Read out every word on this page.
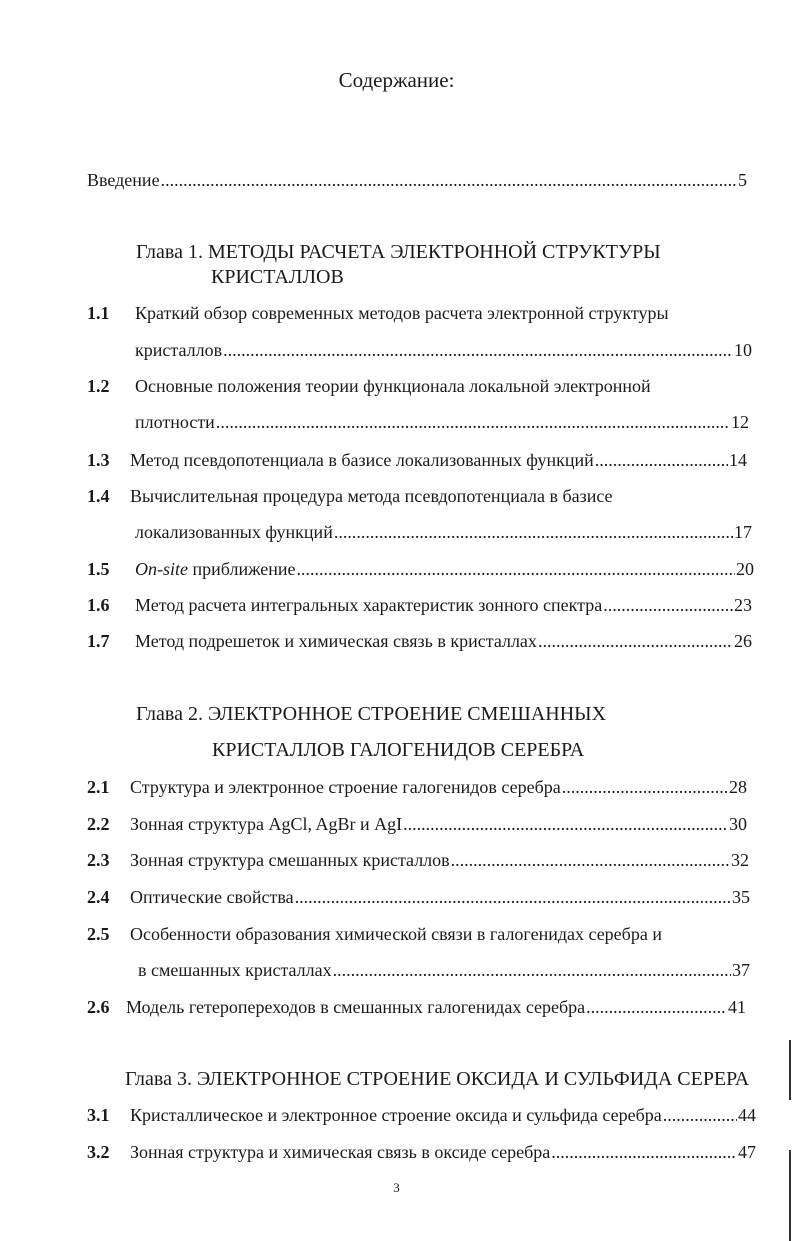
Содержание:
Введение .....	5
Глава 1. МЕТОДЫ РАСЧЕТА ЭЛЕКТРОННОЙ СТРУКТУРЫ
КРИСТАЛЛОВ
1.1 Краткий обзор современных методов расчета электронной структуры
кристаллов .....	10
1.2 Основные положения теории функционала локальной электронной
плотности .....	12
1.3 Метод псевдопотенциала в базисе локализованных функций .....	14
1.4 Вычислительная процедура метода псевдопотенциала в базисе
локализованных функций .....	17
1.5 On-site приближение .....	20
1.6 Метод расчета интегральных характеристик зонного спектра .....	23
1.7 Метод подрешеток и химическая связь в кристаллах .....	26
Глава 2. ЭЛЕКТРОННОЕ СТРОЕНИЕ СМЕШАННЫХ
КРИСТАЛЛОВ ГАЛОГЕНИДОВ СЕРЕБРА
2.1 Структура и электронное строение галогенидов серебра .....	28
2.2 Зонная структура AgCl, AgBr и AgI .....	30
2.3 Зонная структура смешанных кристаллов .....	32
2.4 Оптические свойства .....	35
2.5 Особенности образования химической связи в галогенидах серебра и
в смешанных кристаллах .....	37
2.6 Модель гетеропереходов в смешанных галогенидах серебра .....	41
Глава 3. ЭЛЕКТРОННОЕ СТРОЕНИЕ ОКСИДА И СУЛЬФИДА СЕРЕРА
3.1 Кристаллическое и электронное строение оксида и сульфида серебра .....	44
3.2 Зонная структура и химическая связь в оксиде серебра .....	47
3
